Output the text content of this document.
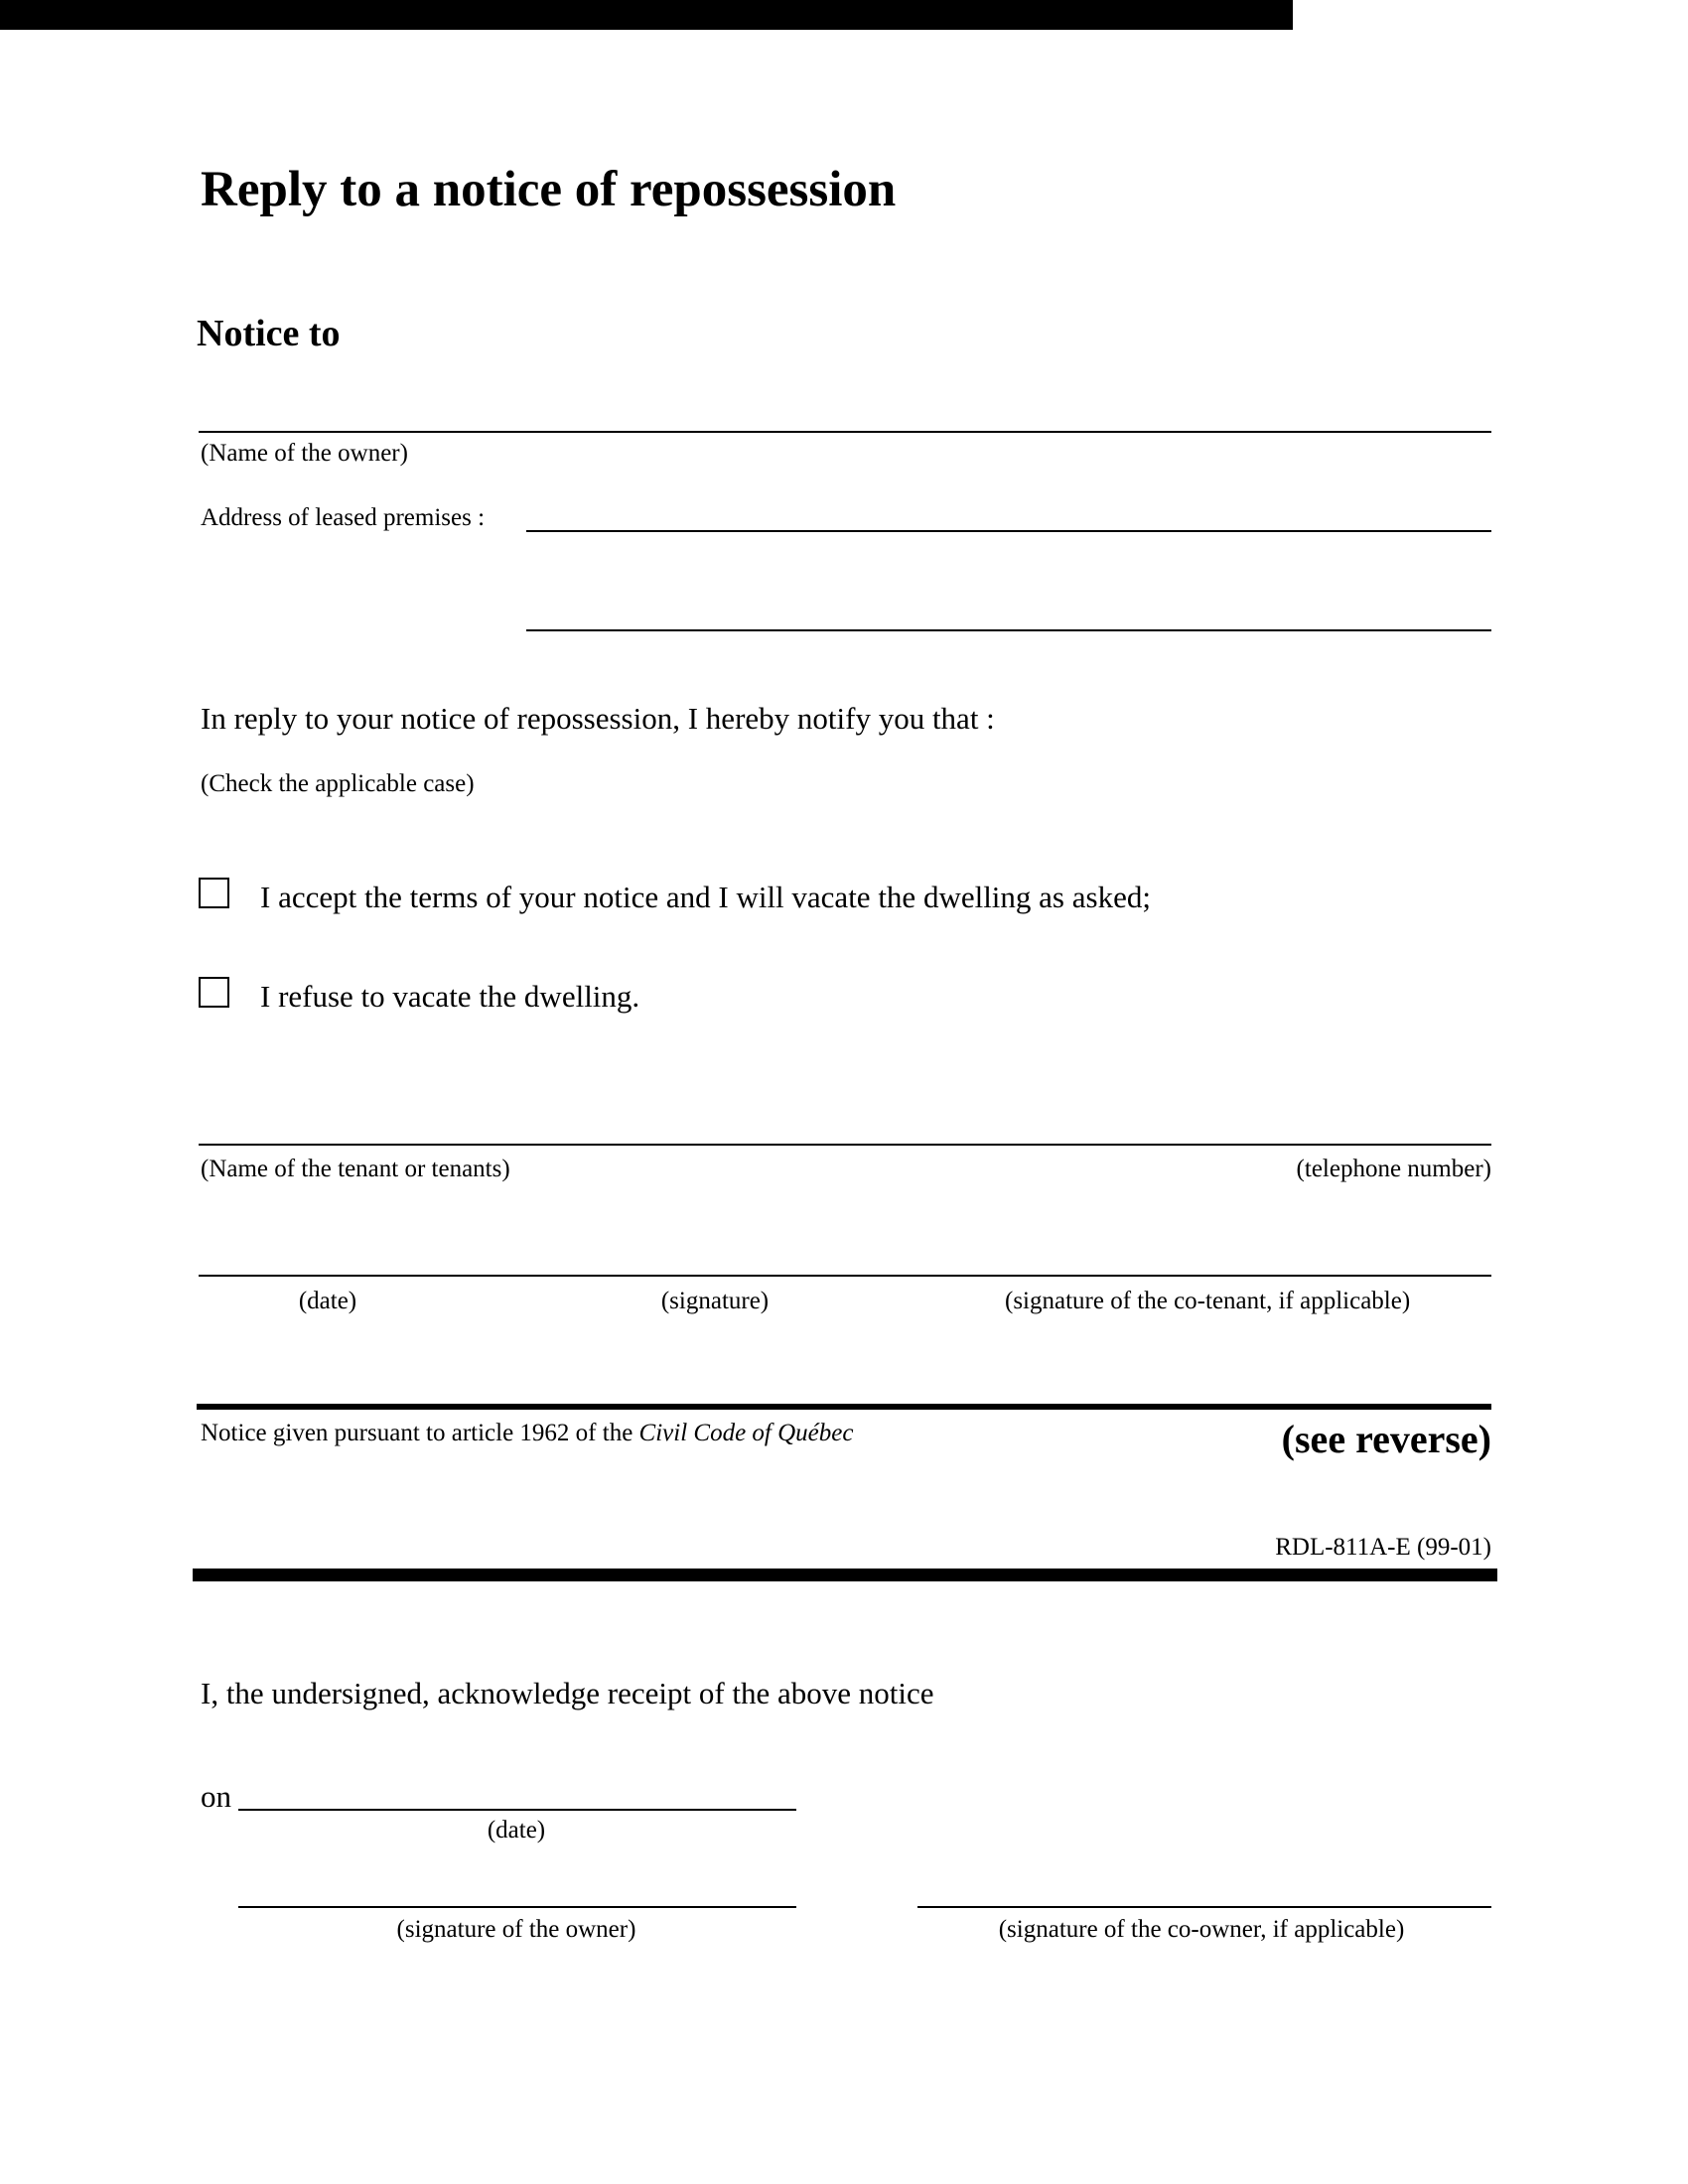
Reply to a notice of repossession
Notice to
(Name of the owner)
Address of leased premises :
In reply to your notice of repossession, I hereby notify you that :
(Check the applicable case)
I accept the terms of your notice and I will vacate the dwelling as asked;
I refuse to vacate the dwelling.
(Name of the tenant or tenants)	(telephone number)
(date)	(signature)	(signature of the co-tenant, if applicable)
Notice given pursuant to article 1962 of the Civil Code of Québec	(see reverse)
RDL-811A-E (99-01)
I, the undersigned, acknowledge receipt of the above notice
on
(date)
(signature of the owner)	(signature of the co-owner, if applicable)
